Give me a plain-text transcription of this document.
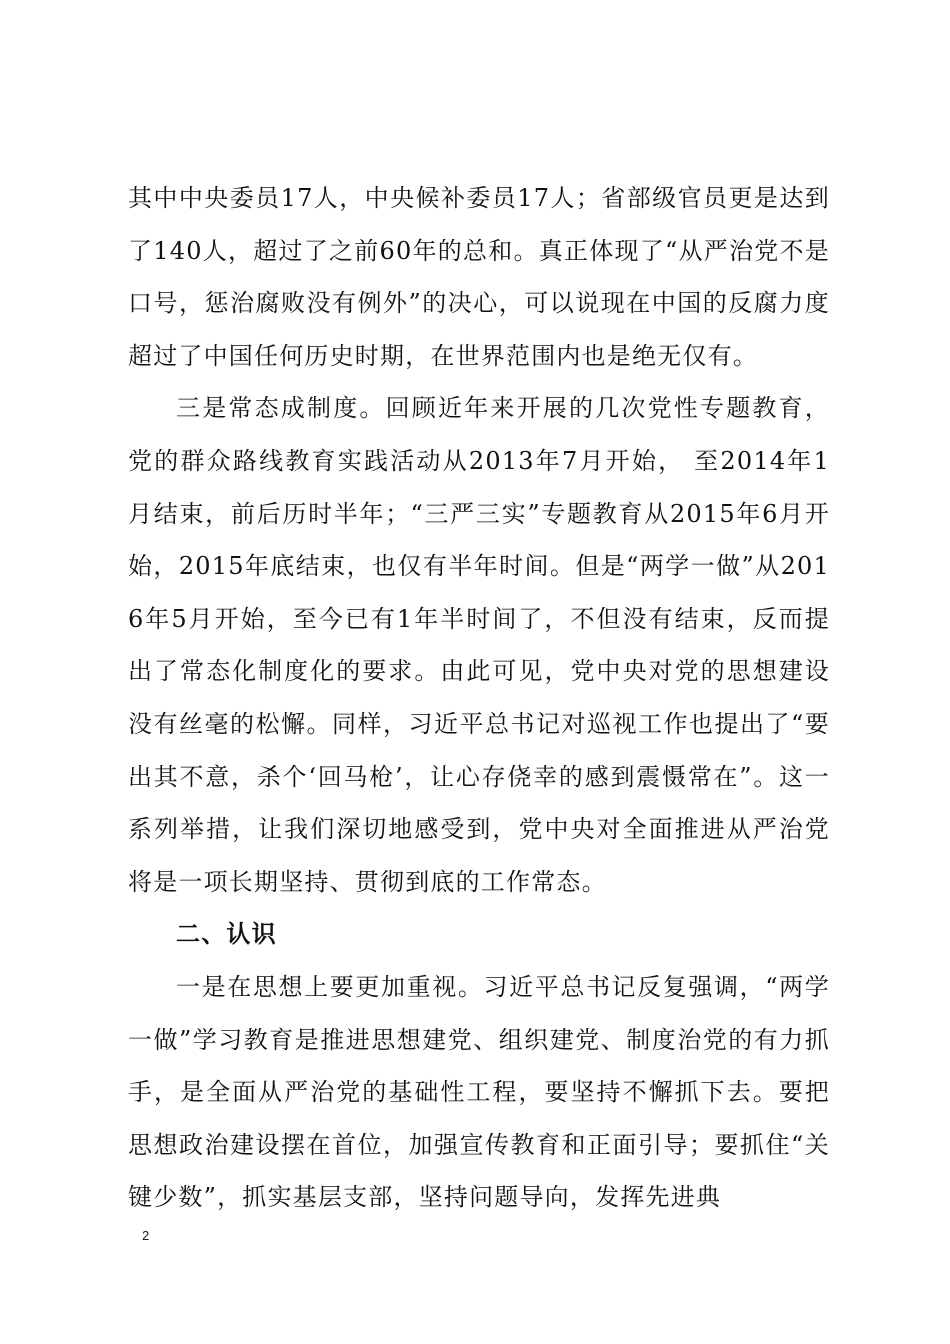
其中中央委员17人，中央候补委员17人；省部级官员更是达到了140人，超过了之前60年的总和。真正体现了“从严治党不是口号，惩治腐败没有例外”的决心，可以说现在中国的反腐力度超过了中国任何历史时期，在世界范围内也是绝无仅有。

三是常态成制度。回顾近年来开展的几次党性专题教育，党的群众路线教育实践活动从2013年7月开始， 至2014年1月结束，前后历时半年；“三严三实”专题教育从2015年6月开始，2015年底结束，也仅有半年时间。但是“两学一做”从2016年5月开始，至今已有1年半时间了，不但没有结束，反而提出了常态化制度化的要求。由此可见，党中央对党的思想建设没有丝毫的松懈。同样，习近平总书记对巡视工作也提出了“要出其不意，杀个‘回马枪’，让心存侥幸的感到震慑常在”。这一系列举措，让我们深切地感受到，党中央对全面推进从严治党将是一项长期坚持、贯彻到底的工作常态。

二、认识

一是在思想上要更加重视。习近平总书记反复强调，“两学一做”学习教育是推进思想建党、组织建党、制度治党的有力抓手，是全面从严治党的基础性工程，要坚持不懈抓下去。要把思想政治建设摆在首位，加强宣传教育和正面引导；要抓住“关键少数”，抓实基层支部，坚持问题导向，发挥先进典

2
